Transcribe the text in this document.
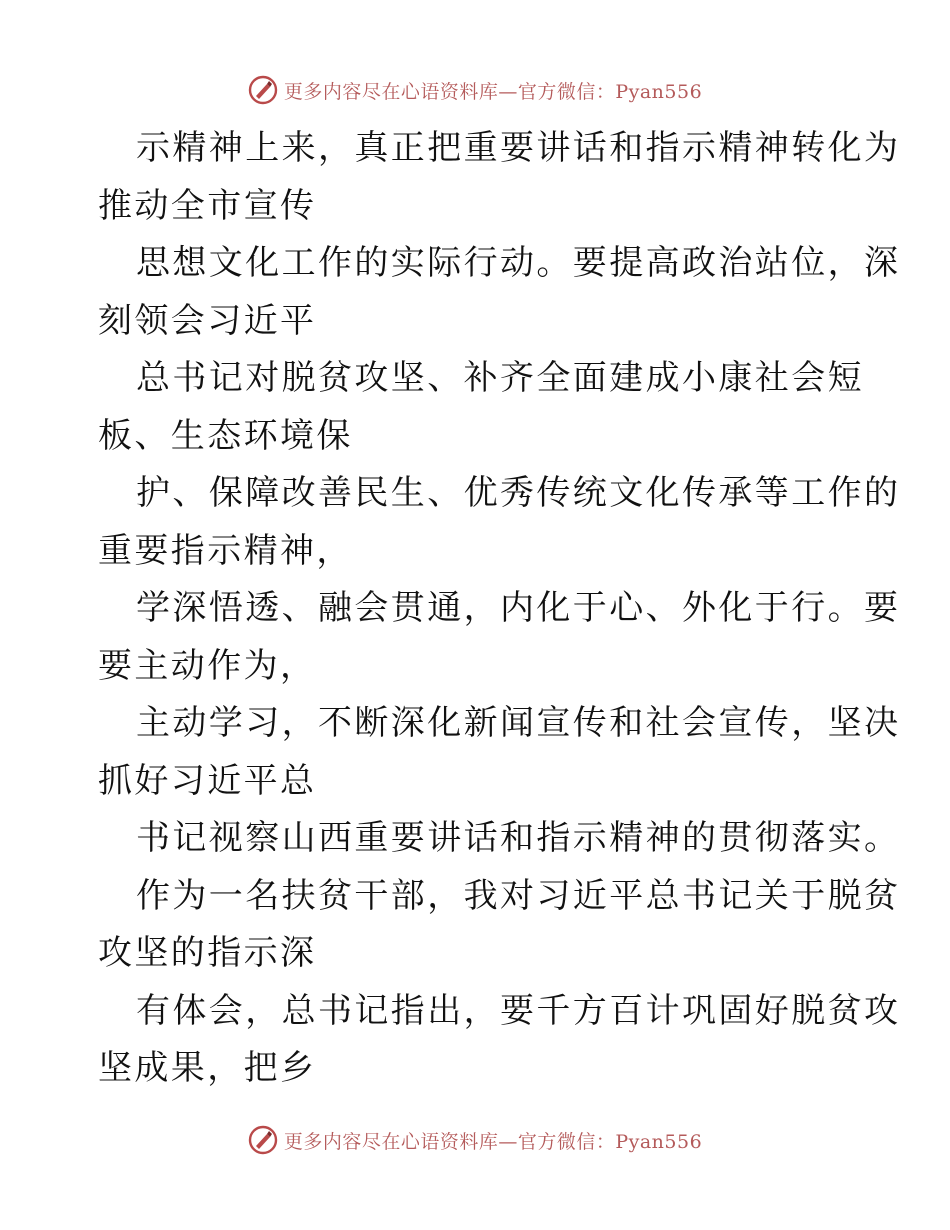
更多内容尽在心语资料库—官方微信：Pyan556
示精神上来，真正把重要讲话和指示精神转化为
推动全市宣传
思想文化工作的实际行动。要提高政治站位，深
刻领会习近平
总书记对脱贫攻坚、补齐全面建成小康社会短
板、生态环境保
护、保障改善民生、优秀传统文化传承等工作的
重要指示精神，
学深悟透、融会贯通，内化于心、外化于行。要
要主动作为，
主动学习，不断深化新闻宣传和社会宣传，坚决
抓好习近平总
书记视察山西重要讲话和指示精神的贯彻落实。
作为一名扶贫干部，我对习近平总书记关于脱贫
攻坚的指示深
有体会，总书记指出，要千方百计巩固好脱贫攻
坚成果，把乡
更多内容尽在心语资料库—官方微信：Pyan556
